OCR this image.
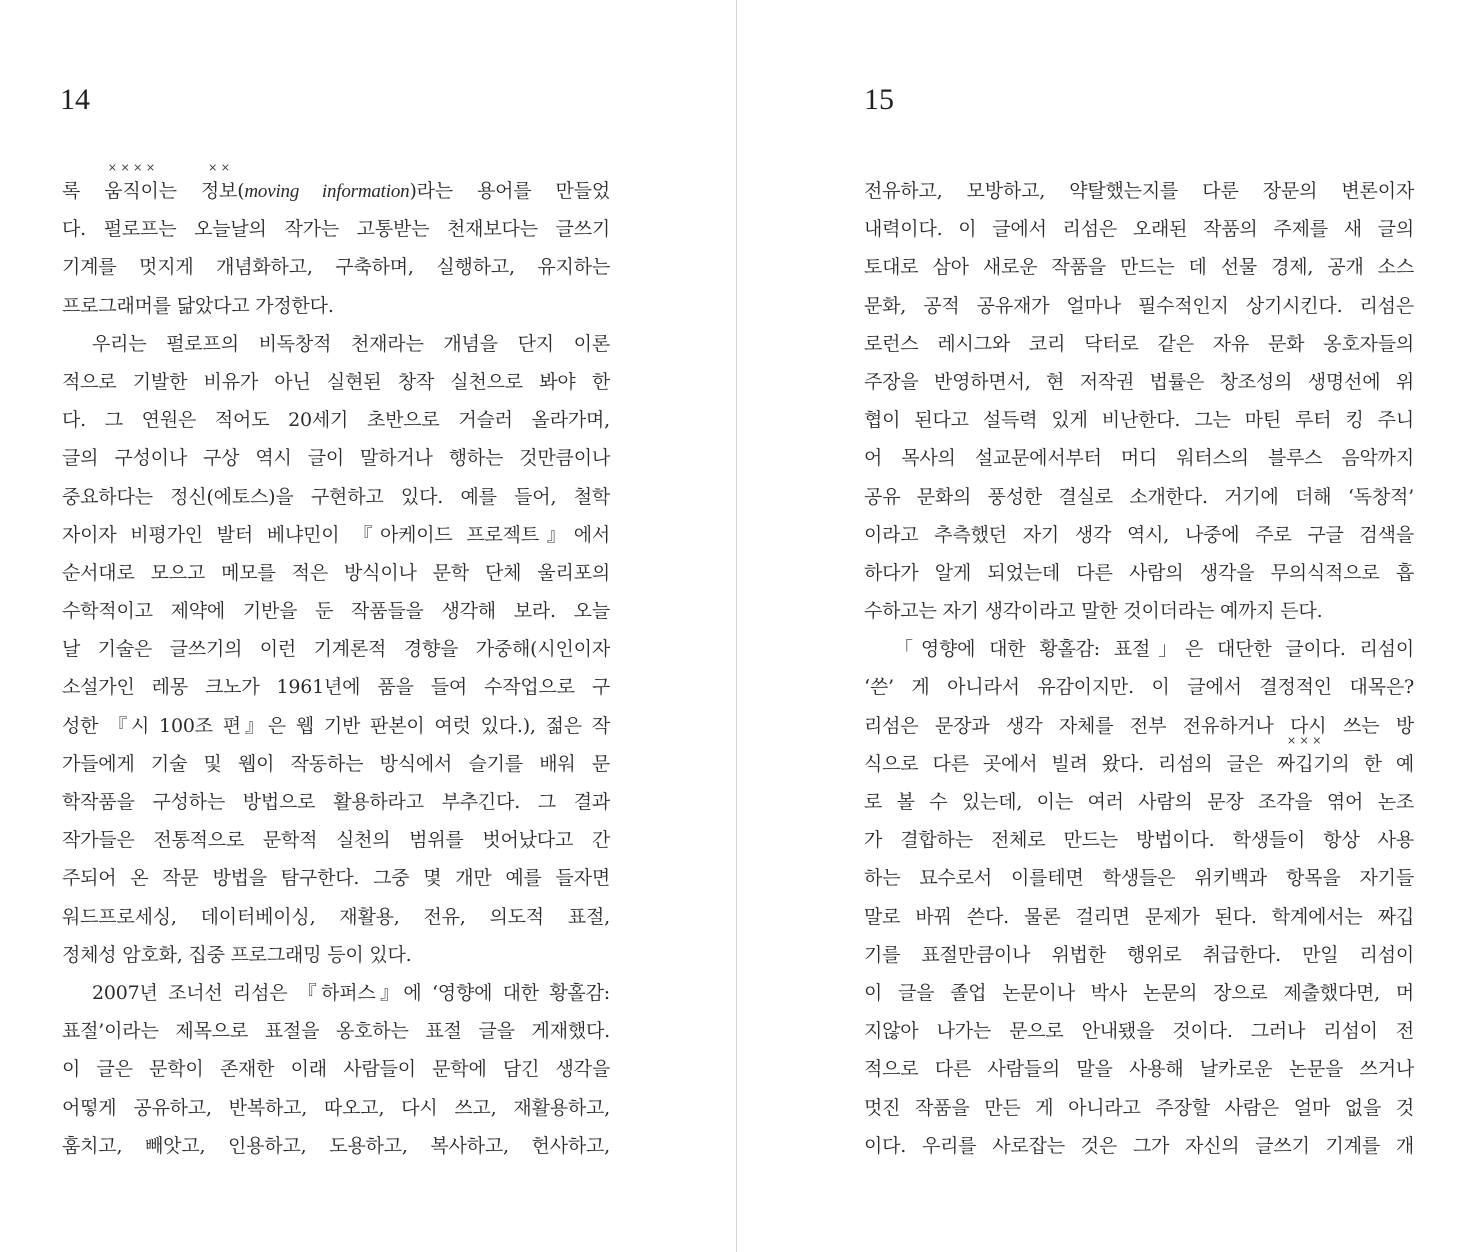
14
록
× × × ×
움직이는
× ×
정보(moving information)라는 용어를 만들었
다. 펄로프는 오늘날의 작가는 고통받는 천재보다는 글쓰기
기계를 멋지게 개념화하고, 구축하며, 실행하고, 유지하는
프로그래머를 닮았다고 가정한다.
우리는 펄로프의 비독창적 천재라는 개념을 단지 이론
적으로 기발한 비유가 아닌 실현된 창작 실천으로 봐야 한
다. 그 연원은 적어도 20세기 초반으로 거슬러 올라가며,
글의 구성이나 구상 역시 글이 말하거나 행하는 것만큼이나
중요하다는 정신(에토스)을 구현하고 있다. 예를 들어, 철학
자이자 비평가인 발터 베냐민이 『아케이드 프로젝트』에서
순서대로 모으고 메모를 적은 방식이나 문학 단체 울리포의
수학적이고 제약에 기반을 둔 작품들을 생각해 보라. 오늘
날 기술은 글쓰기의 이런 기계론적 경향을 가중해(시인이자
소설가인 레몽 크노가 1961년에 품을 들여 수작업으로 구
성한 『시 100조 편』은 웹 기반 판본이 여럿 있다.), 젊은 작
가들에게 기술 및 웹이 작동하는 방식에서 슬기를 배워 문
학작품을 구성하는 방법으로 활용하라고 부추긴다. 그 결과
작가들은 전통적으로 문학적 실천의 범위를 벗어났다고 간
주되어 온 작문 방법을 탐구한다. 그중 몇 개만 예를 들자면
워드프로세싱, 데이터베이싱, 재활용, 전유, 의도적 표절,
정체성 암호화, 집중 프로그래밍 등이 있다.
2007년 조너선 리섬은 『하퍼스』에 ‘영향에 대한 황홀감:
표절’이라는 제목으로 표절을 옹호하는 표절 글을 게재했다.
이 글은 문학이 존재한 이래 사람들이 문학에 담긴 생각을
어떻게 공유하고, 반복하고, 따오고, 다시 쓰고, 재활용하고,
훔치고, 빼앗고, 인용하고, 도용하고, 복사하고, 헌사하고,
15
전유하고, 모방하고, 약탈했는지를 다룬 장문의 변론이자
내력이다. 이 글에서 리섬은 오래된 작품의 주제를 새 글의
토대로 삼아 새로운 작품을 만드는 데 선물 경제, 공개 소스
문화, 공적 공유재가 얼마나 필수적인지 상기시킨다. 리섬은
로런스 레시그와 코리 닥터로 같은 자유 문화 옹호자들의
주장을 반영하면서, 현 저작권 법률은 창조성의 생명선에 위
협이 된다고 설득력 있게 비난한다. 그는 마틴 루터 킹 주니
어 목사의 설교문에서부터 머디 워터스의 블루스 음악까지
공유 문화의 풍성한 결실로 소개한다. 거기에 더해 ‘독창적’
이라고 추측했던 자기 생각 역시, 나중에 주로 구글 검색을
하다가 알게 되었는데 다른 사람의 생각을 무의식적으로 흡
수하고는 자기 생각이라고 말한 것이더라는 예까지 든다.
「영향에 대한 황홀감: 표절」은 대단한 글이다. 리섬이
‘쓴’ 게 아니라서 유감이지만. 이 글에서 결정적인 대목은?
리섬은 문장과 생각 자체를 전부 전유하거나 다시 쓰는 방
식으로 다른 곳에서 빌려 왔다. 리섬의 글은
× × ×
짜깁기의 한 예
로 볼 수 있는데, 이는 여러 사람의 문장 조각을 엮어 논조
가 결합하는 전체로 만드는 방법이다. 학생들이 항상 사용
하는 묘수로서 이를테면 학생들은 위키백과 항목을 자기들
말로 바꿔 쓴다. 물론 걸리면 문제가 된다. 학계에서는 짜깁
기를 표절만큼이나 위법한 행위로 취급한다. 만일 리섬이
이 글을 졸업 논문이나 박사 논문의 장으로 제출했다면, 머
지않아 나가는 문으로 안내됐을 것이다. 그러나 리섬이 전
적으로 다른 사람들의 말을 사용해 날카로운 논문을 쓰거나
멋진 작품을 만든 게 아니라고 주장할 사람은 얼마 없을 것
이다. 우리를 사로잡는 것은 그가 자신의 글쓰기 기계를 개
